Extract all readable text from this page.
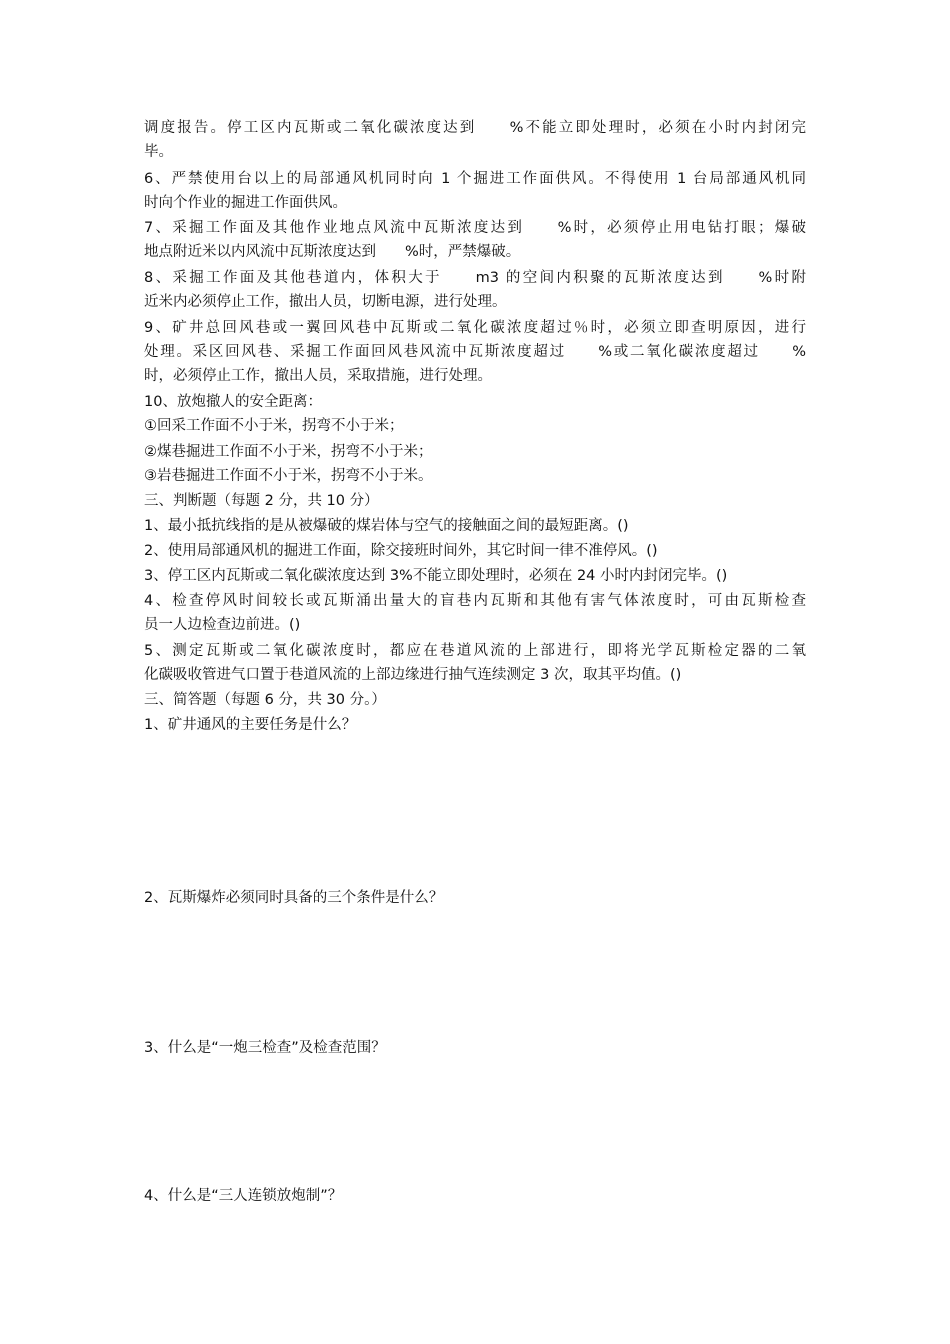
调度报告。停工区内瓦斯或二氧化碳浓度达到　　%不能立即处理时，必须在小时内封闭完
毕。
6、严禁使用台以上的局部通风机同时向 1 个掘进工作面供风。不得使用 1 台局部通风机同
时向个作业的掘进工作面供风。
7、采掘工作面及其他作业地点风流中瓦斯浓度达到　　%时，必须停止用电钻打眼；爆破
地点附近米以内风流中瓦斯浓度达到　　%时，严禁爆破。
8、采掘工作面及其他巷道内，体积大于　　m3 的空间内积聚的瓦斯浓度达到　　%时附
近米内必须停止工作，撤出人员，切断电源，进行处理。
9、矿井总回风巷或一翼回风巷中瓦斯或二氧化碳浓度超过％时，必须立即查明原因，进行
处理。采区回风巷、采掘工作面回风巷风流中瓦斯浓度超过　　%或二氧化碳浓度超过　　%
时，必须停止工作，撤出人员，采取措施，进行处理。
10、放炮撤人的安全距离：
①回采工作面不小于米，拐弯不小于米；
②煤巷掘进工作面不小于米，拐弯不小于米；
③岩巷掘进工作面不小于米，拐弯不小于米。
三、判断题（每题 2 分，共 10 分）
1、最小抵抗线指的是从被爆破的煤岩体与空气的接触面之间的最短距离。()
2、使用局部通风机的掘进工作面，除交接班时间外，其它时间一律不准停风。()
3、停工区内瓦斯或二氧化碳浓度达到 3%不能立即处理时，必须在 24 小时内封闭完毕。()
4、检查停风时间较长或瓦斯涌出量大的盲巷内瓦斯和其他有害气体浓度时，可由瓦斯检查
员一人边检查边前进。()
5、测定瓦斯或二氧化碳浓度时，都应在巷道风流的上部进行，即将光学瓦斯检定器的二氧
化碳吸收管进气口置于巷道风流的上部边缘进行抽气连续测定 3 次，取其平均值。()
三、简答题（每题 6 分，共 30 分。）
1、矿井通风的主要任务是什么？
2、瓦斯爆炸必须同时具备的三个条件是什么？
3、什么是“一炮三检查”及检查范围？
4、什么是“三人连锁放炮制”？
